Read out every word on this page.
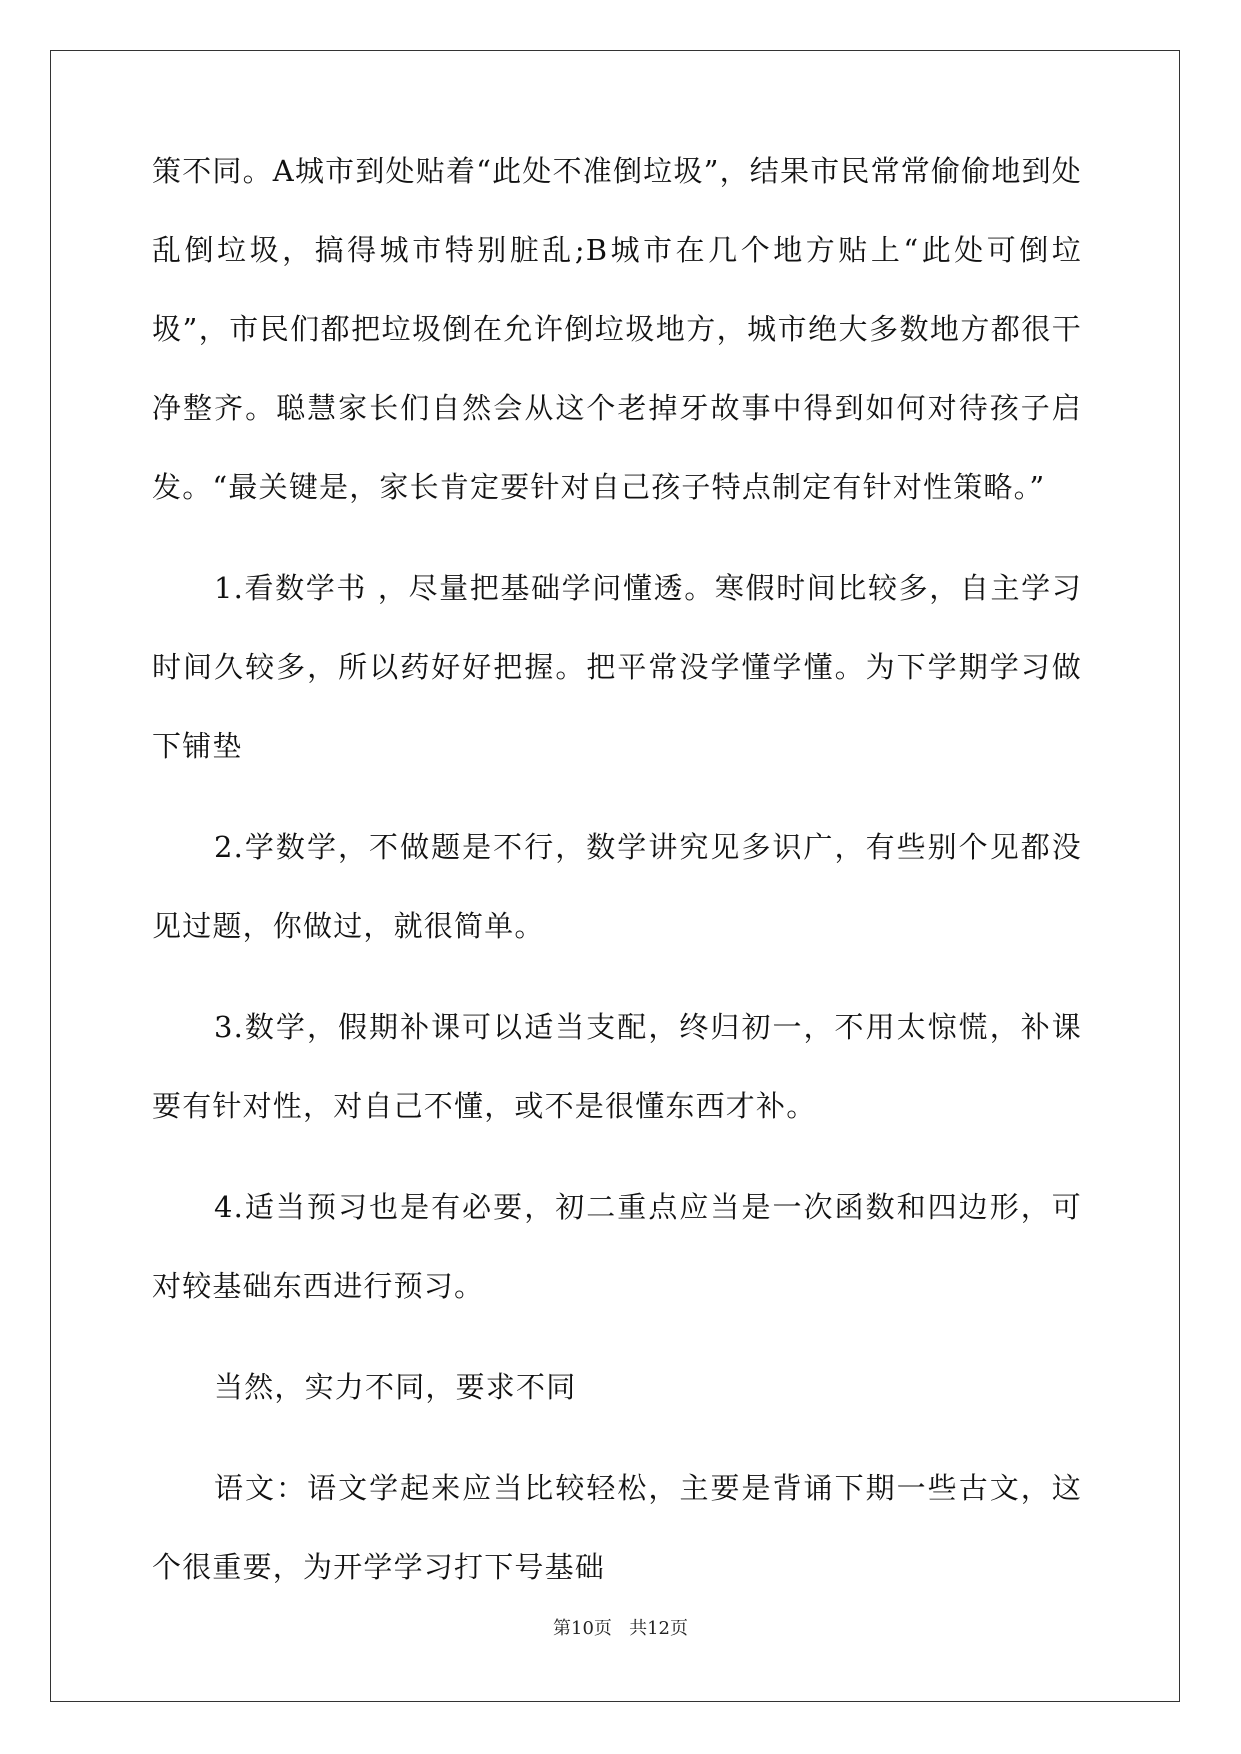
策不同。A城市到处贴着“此处不准倒垃圾”，结果市民常常偷偷地到处乱倒垃圾，搞得城市特别脏乱;B城市在几个地方贴上“此处可倒垃圾”，市民们都把垃圾倒在允许倒垃圾地方，城市绝大多数地方都很干净整齐。聪慧家长们自然会从这个老掉牙故事中得到如何对待孩子启发。“最关键是，家长肯定要针对自己孩子特点制定有针对性策略。”

1.看数学书 ，尽量把基础学问懂透。寒假时间比较多，自主学习时间久较多，所以药好好把握。把平常没学懂学懂。为下学期学习做下铺垫

2.学数学，不做题是不行，数学讲究见多识广，有些别个见都没见过题，你做过，就很简单。

3.数学，假期补课可以适当支配，终归初一，不用太惊慌，补课要有针对性，对自己不懂，或不是很懂东西才补。

4.适当预习也是有必要，初二重点应当是一次函数和四边形，可对较基础东西进行预习。

当然，实力不同，要求不同

语文：语文学起来应当比较轻松，主要是背诵下期一些古文，这个很重要，为开学学习打下号基础

第10页 共12页
